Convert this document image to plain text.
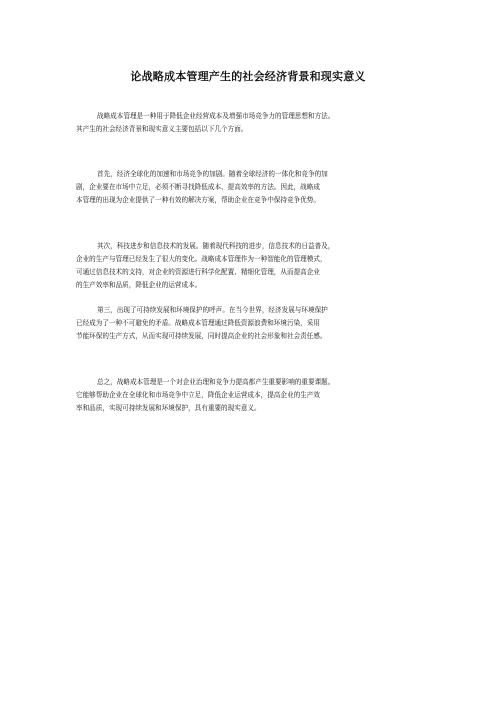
论战略成本管理产生的社会经济背景和现实意义
战略成本管理是一种用于降低企业经营成本及增强市场竞争力的管理思想和方法。
其产生的社会经济背景和现实意义主要包括以下几个方面。
首先，经济全球化的加速和市场竞争的加剧。随着全球经济的一体化和竞争的加
剧，企业要在市场中立足，必须不断寻找降低成本、提高效率的方法。因此，战略成
本管理的出现为企业提供了一种有效的解决方案，帮助企业在竞争中保持竞争优势。
其次，科技进步和信息技术的发展。随着现代科技的进步，信息技术的日益普及，
企业的生产与管理已经发生了很大的变化。战略成本管理作为一种智能化的管理模式，
可通过信息技术的支持，对企业的资源进行科学化配置、精细化管理，从而提高企业
的生产效率和品质，降低企业的运营成本。
第三，出现了可持续发展和环境保护的呼声。在当今世界，经济发展与环境保护
已经成为了一种不可避免的矛盾。战略成本管理通过降低资源浪费和环境污染，采用
节能环保的生产方式，从而实现可持续发展，同时提高企业的社会形象和社会责任感。
总之，战略成本管理是一个对企业治理和竞争力提高都产生重要影响的重要课题。
它能够帮助企业在全球化和市场竞争中立足，降低企业运营成本，提高企业的生产效
率和品质，实现可持续发展和环境保护，具有重要的现实意义。
